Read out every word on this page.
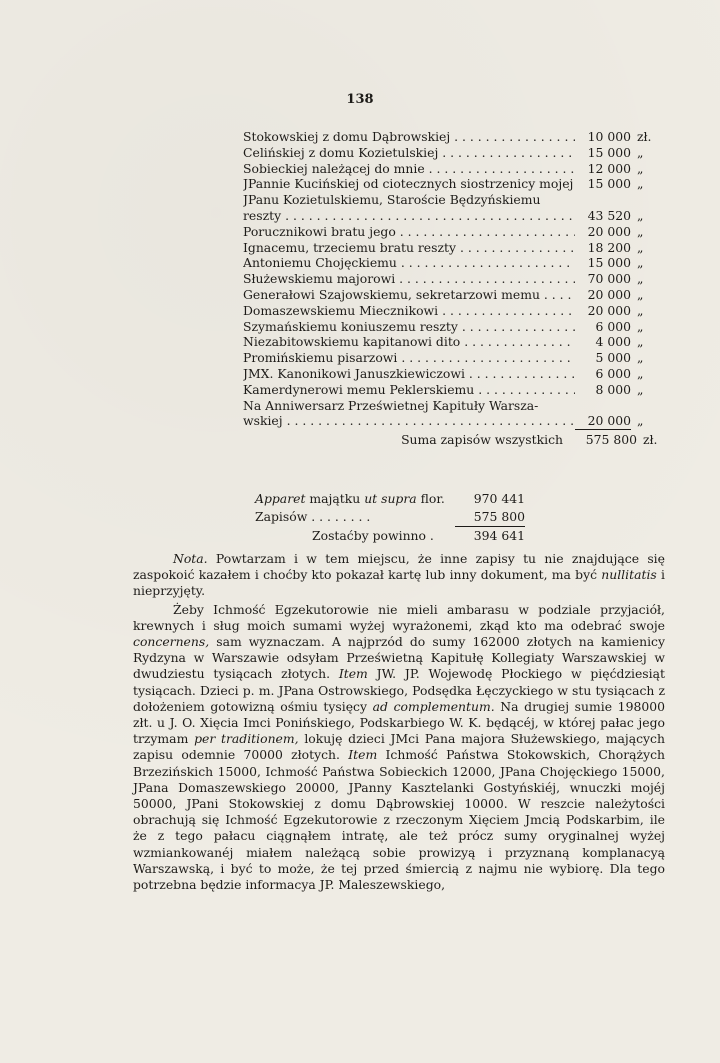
138
Stokowskiej z domu Dąbrowskiej . . .	10 000 zł.
Celińskiej z domu Kozietulskiej . . .	15 000 „
Sobieckiej należącej do mnie . . .	12 000 „
JPannie Kucińskiej od ciotecznych siostrzenicy mojej . . .	15 000 „
JPanu Kozietulskiemu, Staroście Będzyńskiemu
reszty . . .	43 520 „
Porucznikowi bratu jego . . .	20 000 „
Ignacemu, trzeciemu bratu reszty . . .	18 200 „
Antoniemu Chojęckiemu . . .	15 000 „
Służewskiemu majorowi . . .	70 000 „
Generałowi Szajowskiemu, sekretarzowi memu . . .	20 000 „
Domaszewskiemu Miecznikowi . . .	20 000 „
Szymańskiemu koniuszemu reszty . . .	6 000 „
Niezabitowskiemu kapitanowi dito . . .	4 000 „
Promińskiemu pisarzowi . . .	5 000 „
JMX. Kanonikowi Januszkiewiczowi . . .	6 000 „
Kamerdynerowi memu Peklerskiemu . . .	8 000 „
Na Anniwersarz Prześwietnej Kapituły Warsza-
wskiej . . .	20 000 „
Suma zapisów wszystkich	575 800 zł.
Apparet majątku ut supra flor.	970 441
Zapisów . . . . . . . .	575 800
Zostaćby powinno .	394 641

Nota. Powtarzam i w tem miejscu, że inne zapisy tu nie znajdujące się zaspokoić kazałem i choćby kto pokazał kartę lub inny dokument, ma być nullitatis i nieprzyjęty.

Żeby Ichmość Egzekutorowie nie mieli ambarasu w podziale przyjaciół, krewnych i sług moich sumami wyżej wyrażonemi, zkąd kto ma odebrać swoje concernens, sam wyznaczam. A najprzód do sumy 162000 złotych na kamienicy Rydzyna w Warszawie odsyłam Prześwietną Kapitułę Kollegiaty Warszawskiej w dwudziestu tysiącach złotych. Item JW. JP. Wojewodę Płockiego w pięćdziesiąt tysiącach. Dzieci p. m. JPana Ostrowskiego, Podsędka Łęczyckiego w stu tysiącach z dołożeniem gotowizną ośmiu tysięcy ad complementum. Na drugiej sumie 198000 złt. u J. O. Xięcia Imci Ponińskiego, Podskarbiego W. K. będącéj, w której pałac jego trzymam per traditionem, lokuję dzieci JMci Pana majora Służewskiego, mających zapisu odemnie 70000 złotych. Item Ichmość Państwa Stokowskich, Chorążych Brzezińskich 15000, Ichmość Państwa Sobieckich 12000, JPana Chojęckiego 15000, JPana Domaszewskiego 20000, JPanny Kasztelanki Gostyńskiéj, wnuczki mojéj 50000, JPani Stokowskiej z domu Dąbrowskiej 10000. W reszcie należytości obrachują się Ichmość Egzekutorowie z rzeczonym Xięciem Jmcią Podskarbim, ile że z tego pałacu ciągnąłem intratę, ale też prócz sumy oryginalnej wyżej wzmiankowanéj miałem należącą sobie prowizyą i przyznaną komplanacyą Warszawską, i być to może, że tej przed śmiercią z najmu nie wybiorę. Dla tego potrzebna będzie informacya JP. Maleszewskiego,
